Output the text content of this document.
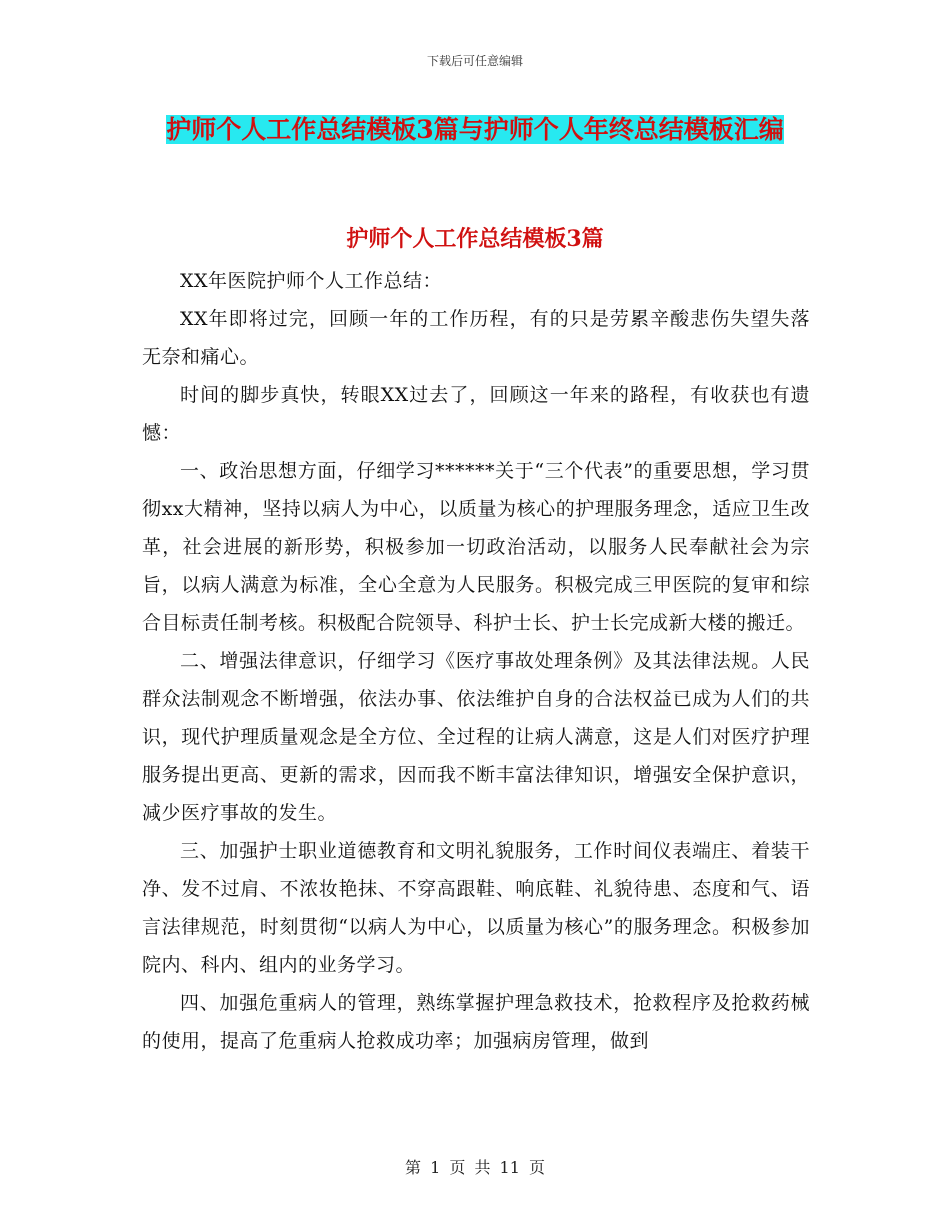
下载后可任意编辑
护师个人工作总结模板3篇与护师个人年终总结模板汇编
护师个人工作总结模板3篇

XX年医院护师个人工作总结：

XX年即将过完，回顾一年的工作历程，有的只是劳累辛酸悲伤失望失落无奈和痛心。

时间的脚步真快，转眼XX过去了，回顾这一年来的路程，有收获也有遗憾：

一、政治思想方面，仔细学习******关于“三个代表”的重要思想，学习贯彻xx大精神，坚持以病人为中心，以质量为核心的护理服务理念，适应卫生改革，社会进展的新形势，积极参加一切政治活动，以服务人民奉献社会为宗旨，以病人满意为标准，全心全意为人民服务。积极完成三甲医院的复审和综合目标责任制考核。积极配合院领导、科护士长、护士长完成新大楼的搬迁。

二、增强法律意识，仔细学习《医疗事故处理条例》及其法律法规。人民群众法制观念不断增强，依法办事、依法维护自身的合法权益已成为人们的共识，现代护理质量观念是全方位、全过程的让病人满意，这是人们对医疗护理服务提出更高、更新的需求，因而我不断丰富法律知识，增强安全保护意识，减少医疗事故的发生。

三、加强护士职业道德教育和文明礼貌服务，工作时间仪表端庄、着装干净、发不过肩、不浓妆艳抹、不穿高跟鞋、响底鞋、礼貌待患、态度和气、语言法律规范，时刻贯彻“以病人为中心，以质量为核心”的服务理念。积极参加院内、科内、组内的业务学习。

四、加强危重病人的管理，熟练掌握护理急救技术，抢救程序及抢救药械的使用，提高了危重病人抢救成功率；加强病房管理，做到

第 1 页 共 11 页
